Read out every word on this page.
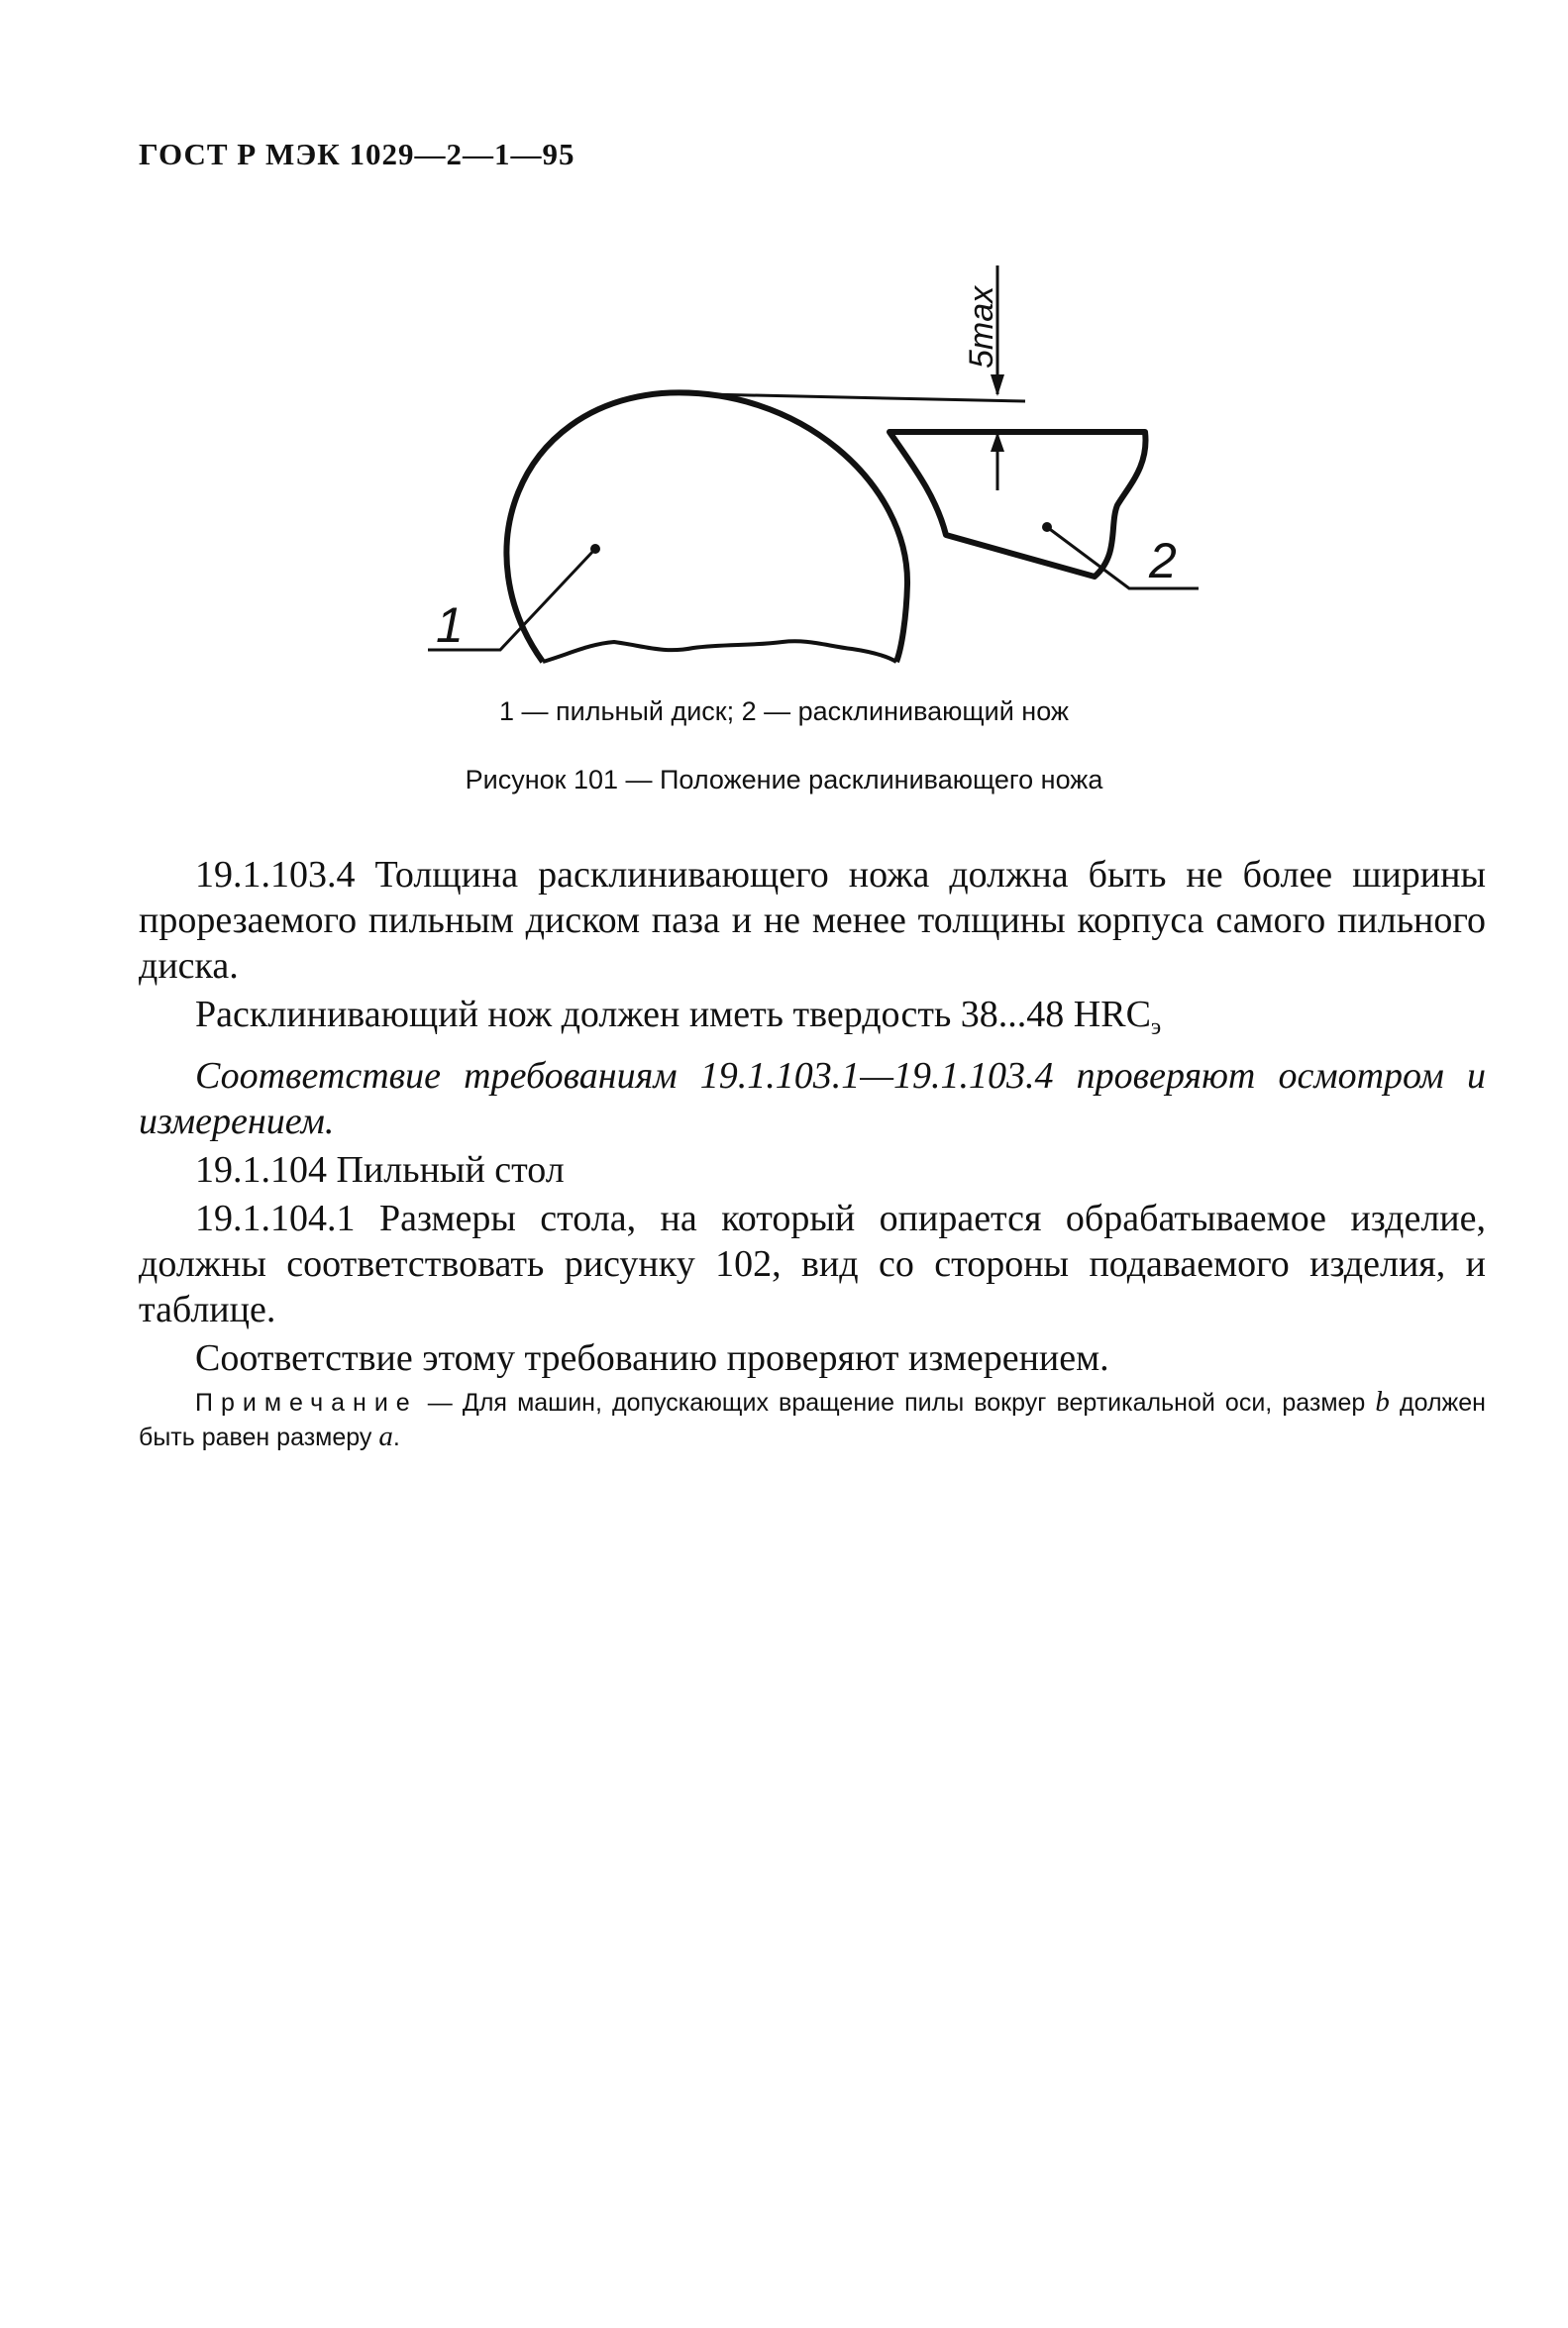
ГОСТ Р МЭК 1029—2—1—95
5max
1
2
1 — пильный диск; 2 — расклинивающий нож
Рисунок 101 — Положение расклинивающего ножа

19.1.103.4 Толщина расклинивающего ножа должна быть не более ширины прорезаемого пильным диском паза и не менее толщины корпуса самого пильного диска.

Расклинивающий нож должен иметь твердость 38...48 $HRC_э$

Соответствие требованиям 19.1.103.1—19.1.103.4 проверяют осмотром и измерением.

19.1.104 Пильный стол

19.1.104.1 Размеры стола, на который опирается обрабатываемое изделие, должны соответствовать рисунку 102, вид со стороны подаваемого изделия, и таблице.

Соответствие этому требованию проверяют измерением.

Примечание — Для машин, допускающих вращение пилы вокруг вертикальной оси, размер b должен быть равен размеру a.
